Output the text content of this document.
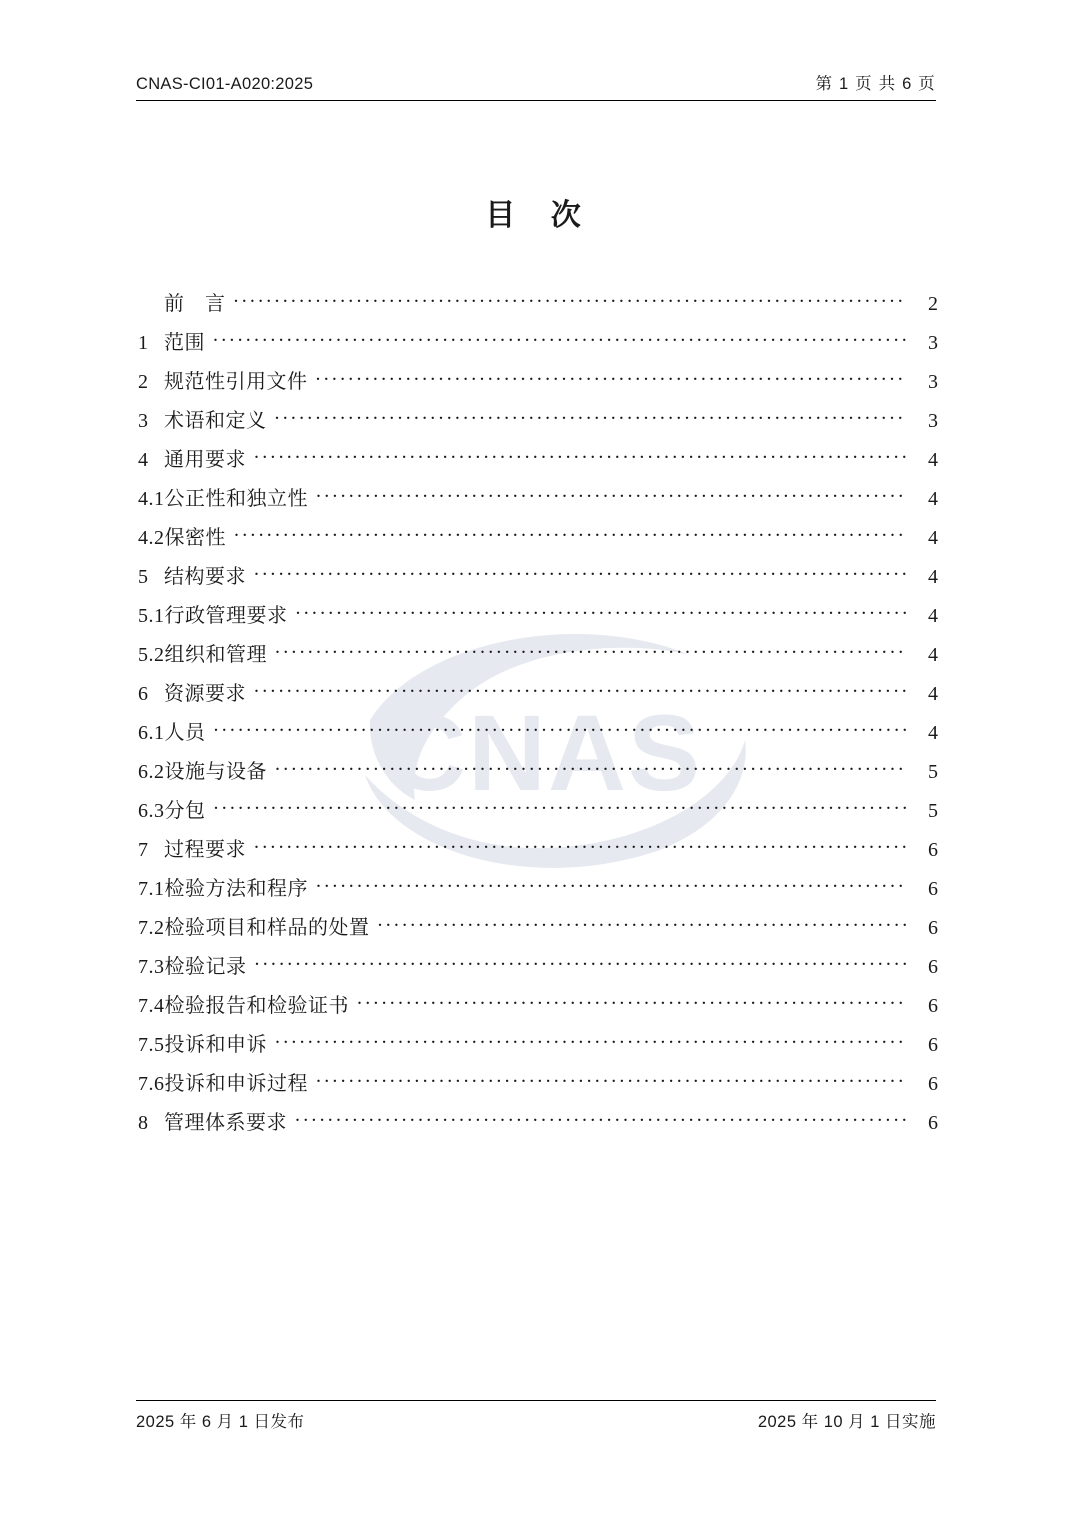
CNAS-CI01-A020:2025	第 1 页 共 6 页
目 次
CNAS
前　言 .....	2
1 范围 .....	3
2 规范性引用文件 .....	3
3 术语和定义 .....	3
4 通用要求 .....	4
4.1公正性和独立性 .....	4
4.2保密性 .....	4
5 结构要求 .....	4
5.1行政管理要求 .....	4
5.2组织和管理 .....	4
6 资源要求 .....	4
6.1人员 .....	4
6.2设施与设备 .....	5
6.3分包 .....	5
7 过程要求 .....	6
7.1检验方法和程序 .....	6
7.2检验项目和样品的处置 .....	6
7.3检验记录 .....	6
7.4检验报告和检验证书 .....	6
7.5投诉和申诉 .....	6
7.6投诉和申诉过程 .....	6
8 管理体系要求 .....	6
2025 年 6 月 1 日发布	2025 年 10 月 1 日实施
